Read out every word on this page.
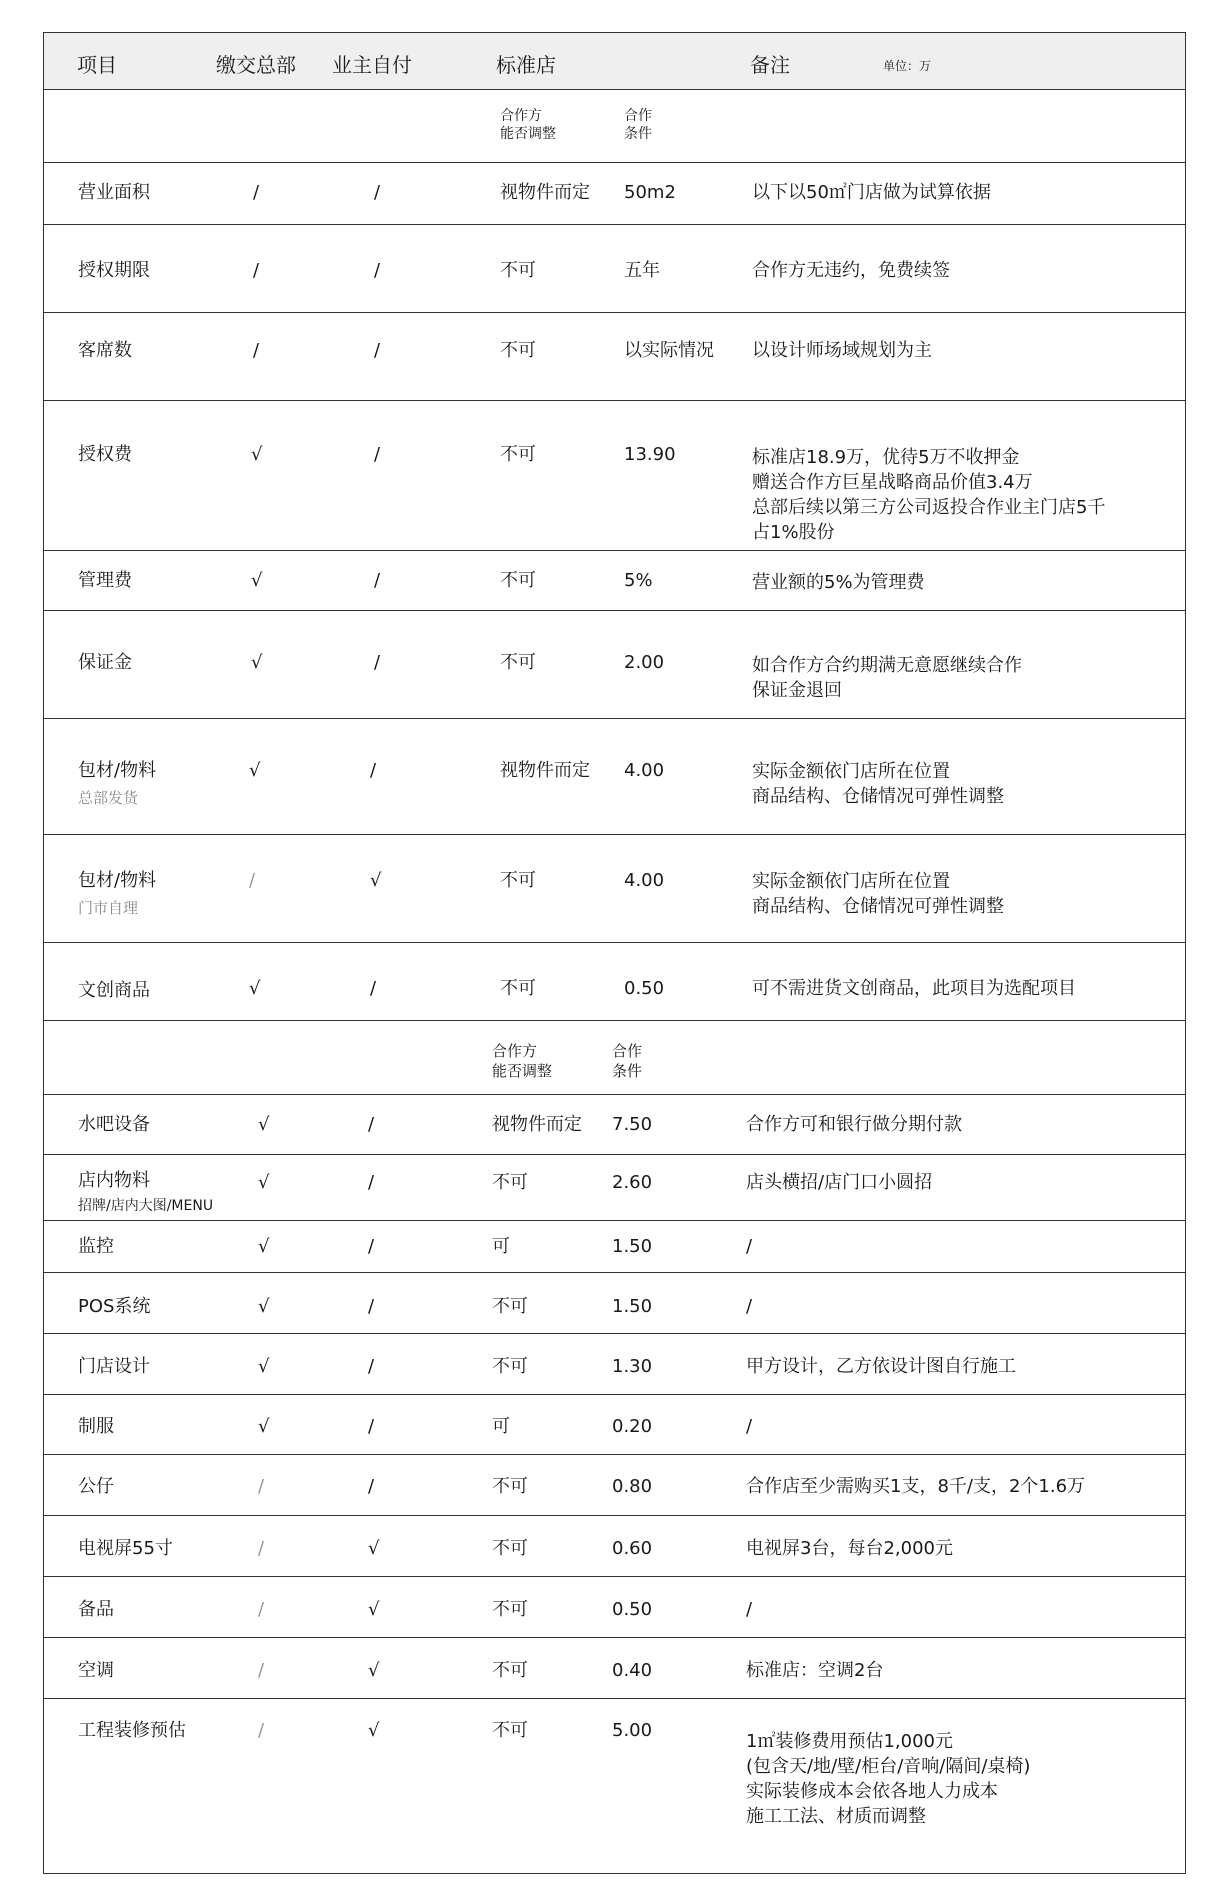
项目	缴交总部 业主自付	标准店	备注	单位：万
合作方
能否调整
合作
条件
营业面积	/	/	视物件而定 50m2	以下以50㎡门店做为试算依据
授权期限	/	/	不可	五年	合作方无违约，免费续签
客席数	/	/	不可	以实际情况 以设计师场域规划为主
授权费	√	/	不可	13.90	标准店18.9万，优待5万不收押金
赠送合作方巨星战略商品价值3.4万
总部后续以第三方公司返投合作业主门店5千
占1%股份
管理费	√	/	不可	5%	营业额的5%为管理费
保证金	√	/	不可	2.00	如合作方合约期满无意愿继续合作
保证金退回
包材/物料
总部发货
√	/	视物件而定 4.00	实际金额依门店所在位置
商品结构、仓储情况可弹性调整
包材/物料
门市自理
/	√	不可	4.00	实际金额依门店所在位置
商品结构、仓储情况可弹性调整
文创商品	√	/	不可	0.50	可不需进货文创商品，此项目为选配项目
合作方
能否调整
合作
条件
水吧设备	√	/	视物件而定 7.50	合作方可和银行做分期付款
店内物料
招牌/店内大图/MENU
√	/	不可	2.60	店头横招/店门口小圆招
监控	√	/	可	1.50	/
POS系统	√	/	不可	1.50	/
门店设计	√	/	不可	1.30	甲方设计，乙方依设计图自行施工
制服	√	/	可	0.20	/
公仔	/	/	不可	0.80	合作店至少需购买1支，8千/支，2个1.6万
电视屏55寸	/	√	不可	0.60	电视屏3台，每台2,000元
备品	/	√	不可	0.50	/
空调	/	√	不可	0.40	标准店：空调2台
工程装修预估	/	√	不可	5.00
1㎡装修费用预估1,000元
(包含天/地/壁/柜台/音响/隔间/桌椅)
实际装修成本会依各地人力成本
施工工法、材质而调整
